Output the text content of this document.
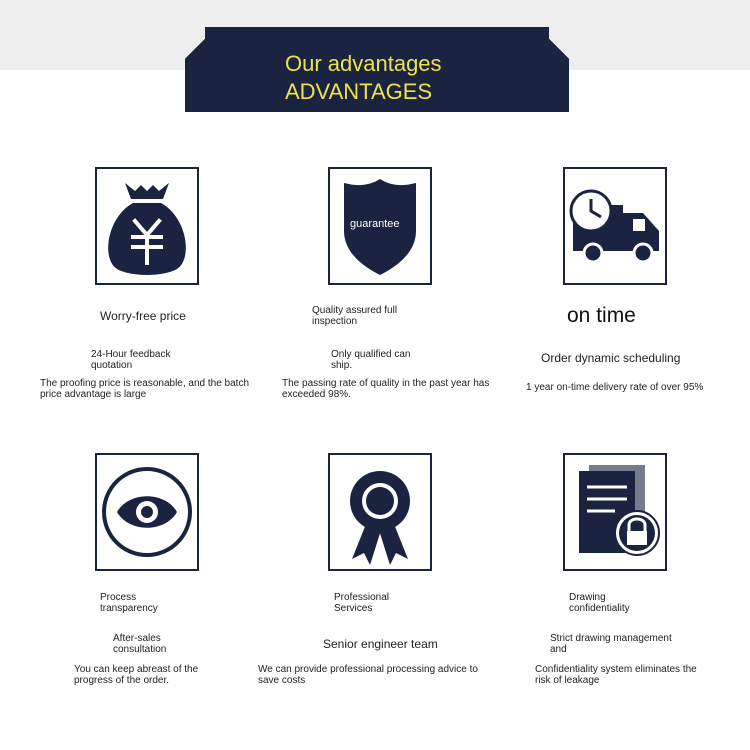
Our advantages
ADVANTAGES
Worry-free price
24-Hour feedback quotation
The proofing price is reasonable, and the batch price advantage is large
guarantee
Quality assured full inspection
Only qualified can ship.
The passing rate of quality in the past year has exceeded 98%.
on time
Order dynamic scheduling
1 year on-time delivery rate of over 95%
Process transparency
After-sales consultation
You can keep abreast of the progress of the order.
Professional Services
Senior engineer team
We can provide professional processing advice to save costs
Drawing confidentiality
Strict drawing management and
Confidentiality system eliminates the risk of leakage
